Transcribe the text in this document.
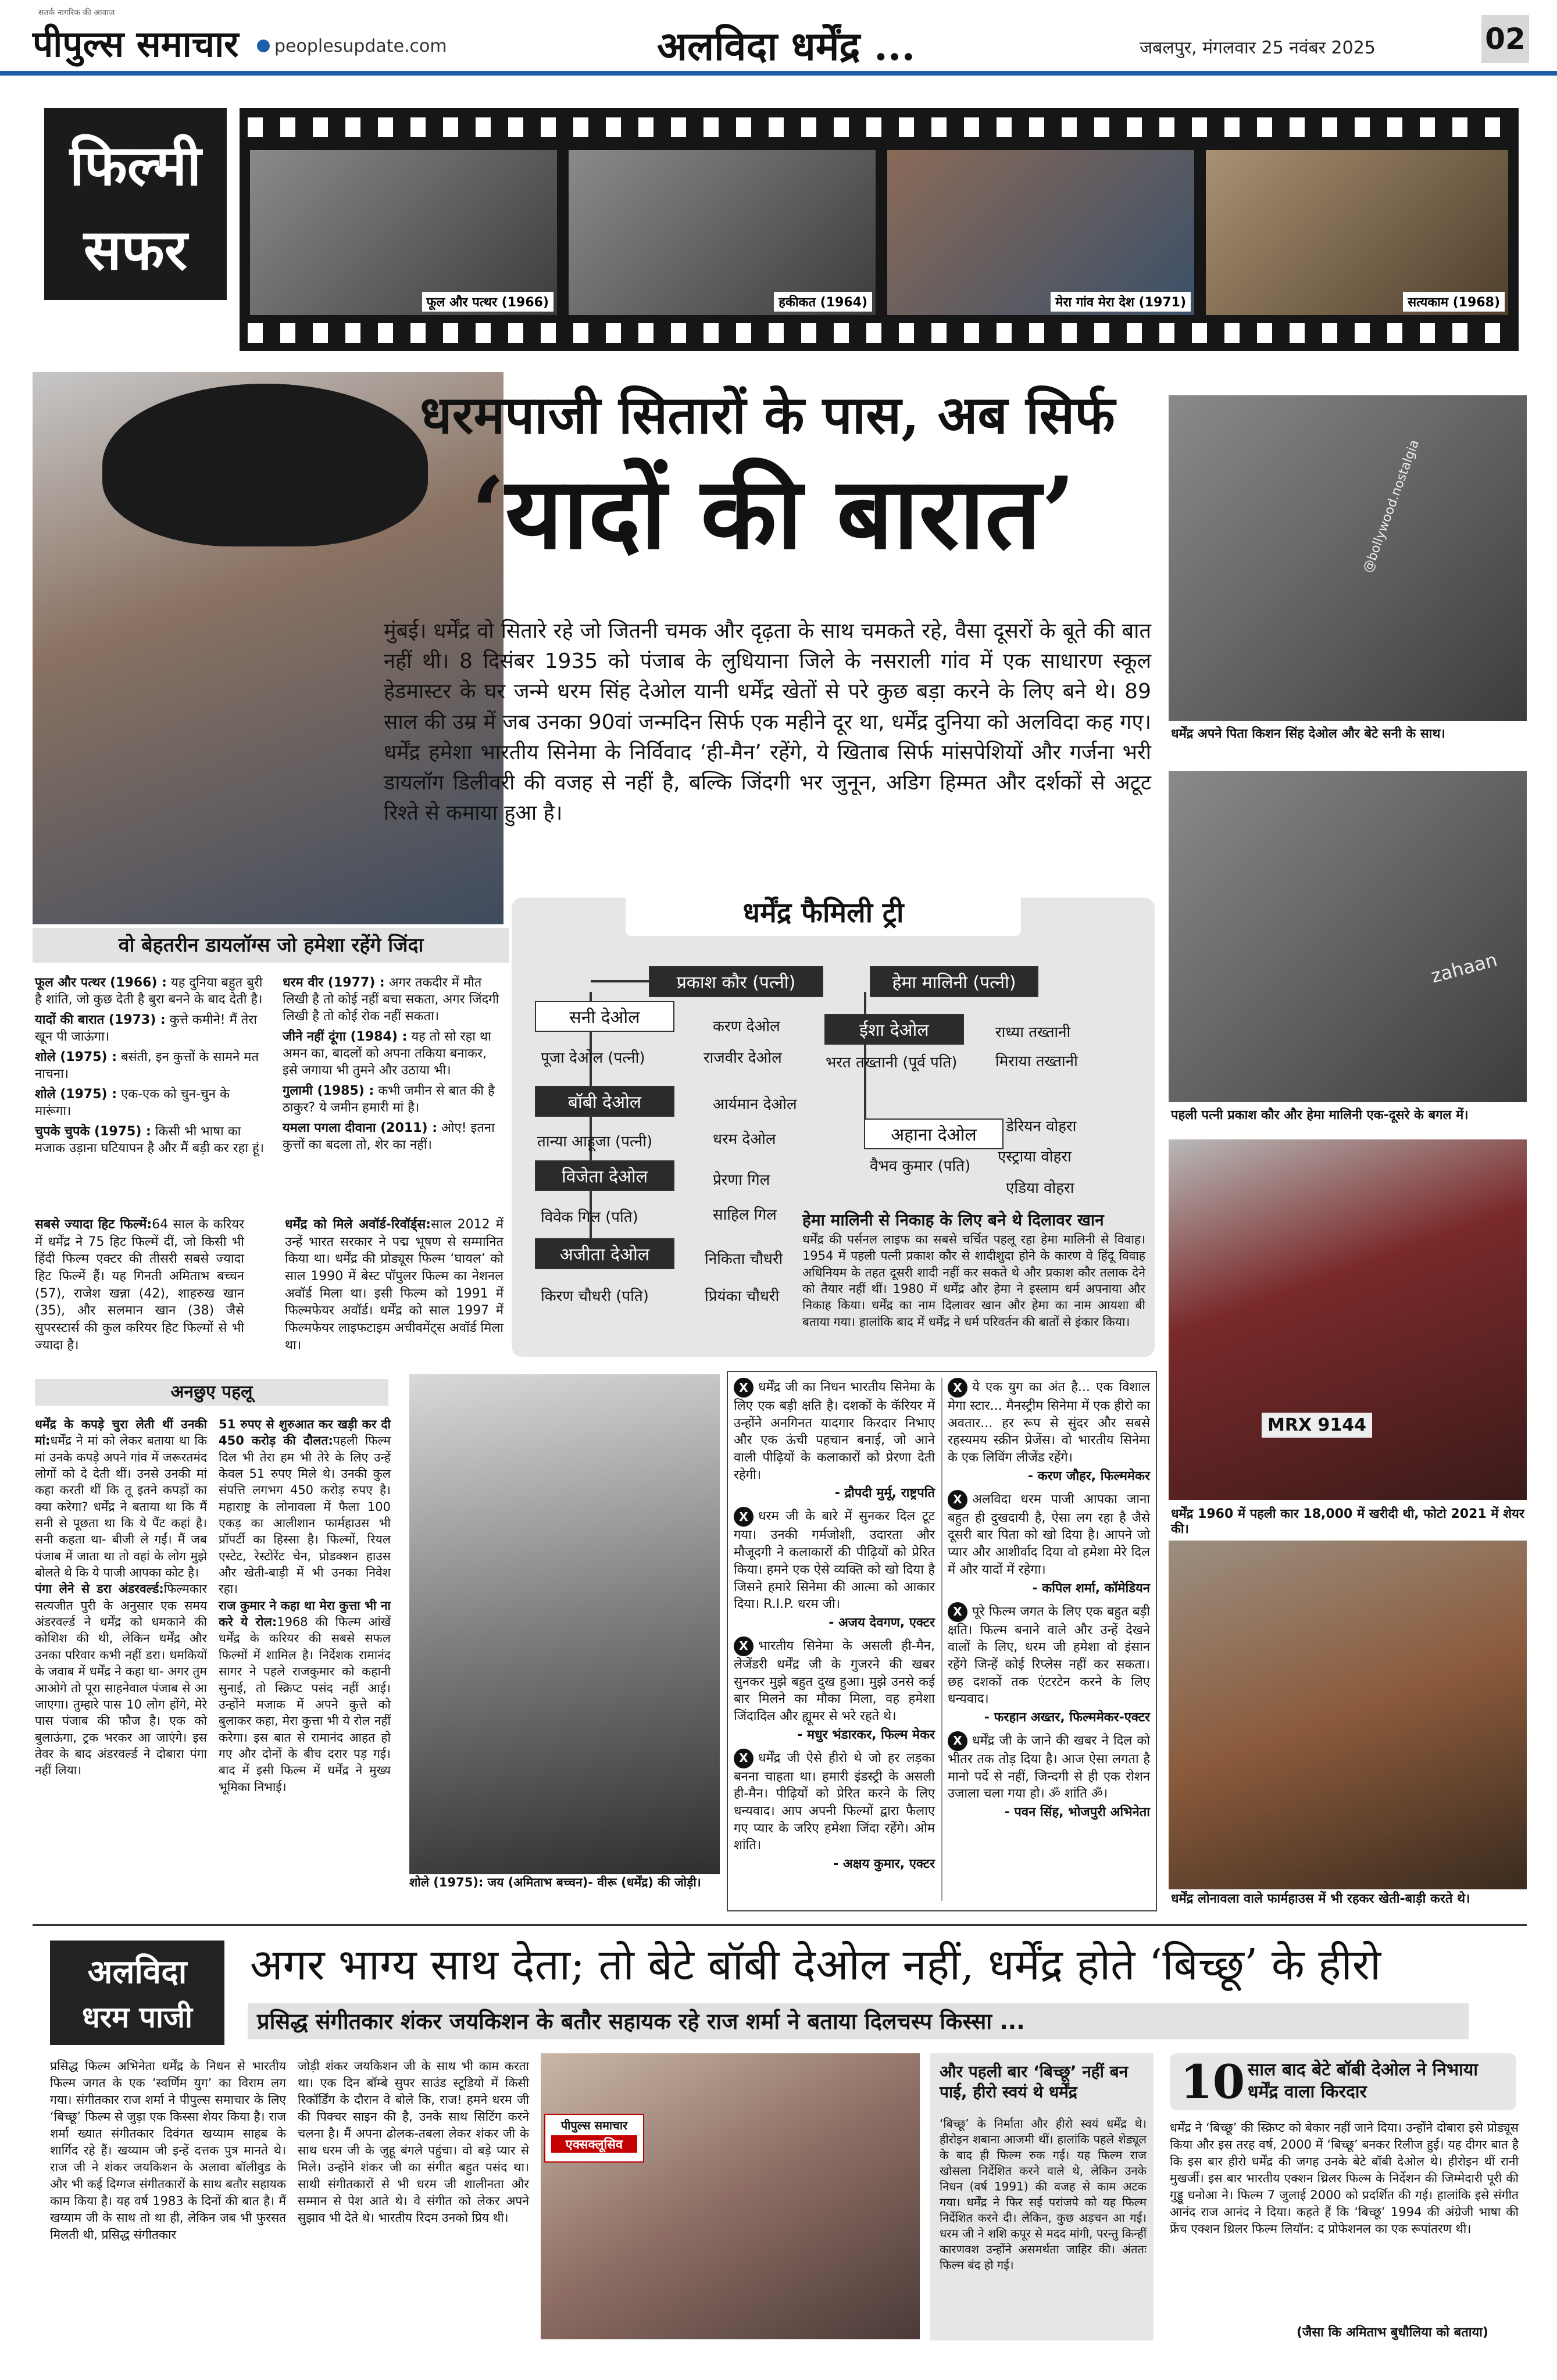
सतर्क नागरिक की आवाज
पीपुल्स समाचार peoplesupdate.com	अलविदा धर्मेंद्र ...	जबलपुर, मंगलवार 25 नवंबर 2025	02
फिल्मी
सफर
फूल और पत्थर (1966)	हकीकत (1964)	मेरा गांव मेरा देश (1971)	सत्यकाम (1968)
धरमपाजी सितारों के पास, अब सिर्फ
‘यादों की बारात’
मुंबई। धर्मेंद्र वो सितारे रहे जो जितनी चमक और दृढ़ता के साथ चमकते रहे, वैसा दूसरों के बूते की बात नहीं थी। 8 दिसंबर 1935 को पंजाब के लुधियाना जिले के नसराली गांव में एक साधारण स्कूल हेडमास्टर के घर जन्मे धरम सिंह देओल यानी धर्मेंद्र खेतों से परे कुछ बड़ा करने के लिए बने थे। 89 साल की उम्र में जब उनका 90वां जन्मदिन सिर्फ एक महीने दूर था, धर्मेंद्र दुनिया को अलविदा कह गए। धर्मेंद्र हमेशा भारतीय सिनेमा के निर्विवाद ‘ही-मैन’ रहेंगे, ये खिताब सिर्फ मांसपेशियों और गर्जना भरी डायलॉग डिलीवरी की वजह से नहीं है, बल्कि जिंदगी भर जुनून, अडिग हिम्मत और दर्शकों से अटूट रिश्ते से कमाया हुआ है।
@bollywood.nostalgia
धर्मेंद्र अपने पिता किशन सिंह देओल और बेटे सनी के साथ।
zahaan
पहली पत्नी प्रकाश कौर और हेमा मालिनी एक-दूसरे के बगल में।
MRX 9144
धर्मेंद्र 1960 में पहली कार 18,000 में खरीदी थी, फोटो 2021 में शेयर की।
धर्मेंद्र लोनावला वाले फार्महाउस में भी रहकर खेती-बाड़ी करते थे।
वो बेहतरीन डायलॉग्स जो हमेशा रहेंगे जिंदा
फूल और पत्थर (1966) : यह दुनिया बहुत बुरी है शांति, जो कुछ देती है बुरा बनने के बाद देती है।
यादों की बारात (1973) : कुत्ते कमीने! मैं तेरा खून पी जाऊंगा।
शोले (1975) : बसंती, इन कुत्तों के सामने मत नाचना।
शोले (1975) : एक-एक को चुन-चुन के मारूंगा।
चुपके चुपके (1975) : किसी भी भाषा का मजाक उड़ाना घटियापन है और मैं बड़ी कर रहा हूं।
धरम वीर (1977) : अगर तकदीर में मौत लिखी है तो कोई नहीं बचा सकता, अगर जिंदगी लिखी है तो कोई रोक नहीं सकता।
जीने नहीं दूंगा (1984) : यह तो सो रहा था अमन का, बादलों को अपना तकिया बनाकर, इसे जगाया भी तुमने और उठाया भी।
गुलामी (1985) : कभी जमीन से बात की है ठाकुर? ये जमीन हमारी मां है।
यमला पगला दीवाना (2011) : ओए! इतना कुत्तों का बदला तो, शेर का नहीं।
सबसे ज्यादा हिट फिल्में:64 साल के करियर में धर्मेंद्र ने 75 हिट फिल्में दीं, जो किसी भी हिंदी फिल्म एक्टर की तीसरी सबसे ज्यादा हिट फिल्में हैं। यह गिनती अमिताभ बच्चन (57), राजेश खन्ना (42), शाहरुख खान (35), और सलमान खान (38) जैसे सुपरस्टार्स की कुल करियर हिट फिल्मों से भी ज्यादा है।
धर्मेंद्र को मिले अवॉर्ड-रिवॉर्ड्स:साल 2012 में उन्हें भारत सरकार ने पद्म भूषण से सम्मानित किया था। धर्मेंद्र की प्रोड्यूस फिल्म ‘घायल’ को साल 1990 में बेस्ट पॉपुलर फिल्म का नेशनल अवॉर्ड मिला था। इसी फिल्म को 1991 में फिल्मफेयर अवॉर्ड। धर्मेंद्र को साल 1997 में फिल्मफेयर लाइफटाइम अचीवमेंट्स अवॉर्ड मिला था।
धर्मेंद्र फैमिली ट्री
प्रकाश कौर (पत्नी)	हेमा मालिनी (पत्नी)
सनी देओल
पूजा देओल (पत्नी)
करण देओल
राजवीर देओल
बॉबी देओल
तान्या आहूजा (पत्नी)
आर्यमान देओल
धरम देओल
विजेता देओल
विवेक गिल (पति)
प्रेरणा गिल
साहिल गिल
अजीता देओल
किरण चौधरी (पति)
निकिता चौधरी
प्रियंका चौधरी
ईशा देओल
भरत तख्तानी (पूर्व पति)
राध्या तख्तानी
मिराया तख्तानी
अहाना देओल
वैभव कुमार (पति)
डेरियन वोहरा
एस्ट्राया वोहरा
एडिया वोहरा
हेमा मालिनी से निकाह के लिए बने थे दिलावर खान
धर्मेंद्र की पर्सनल लाइफ का सबसे चर्चित पहलू रहा हेमा मालिनी से विवाह। 1954 में पहली पत्नी प्रकाश कौर से शादीशुदा होने के कारण वे हिंदू विवाह अधिनियम के तहत दूसरी शादी नहीं कर सकते थे और प्रकाश कौर तलाक देने को तैयार नहीं थीं। 1980 में धर्मेंद्र और हेमा ने इस्लाम धर्म अपनाया और निकाह किया। धर्मेंद्र का नाम दिलावर खान और हेमा का नाम आयशा बी बताया गया। हालांकि बाद में धर्मेंद्र ने धर्म परिवर्तन की बातों से इंकार किया।
अनछुए पहलू
धर्मेंद्र के कपड़े चुरा लेती थीं उनकी मां:धर्मेंद्र ने मां को लेकर बताया था कि मां उनके कपड़े अपने गांव में जरूरतमंद लोगों को दे देती थीं। उनसे उनकी मां कहा करती थीं कि तू इतने कपड़ों का क्या करेगा? धर्मेंद्र ने बताया था कि मैं सनी से पूछता था कि ये पैंट कहां है। सनी कहता था- बीजी ले गईं। मैं जब पंजाब में जाता था तो वहां के लोग मुझे बोलते थे कि ये पाजी आपका कोट है।
पंगा लेने से डरा अंडरवर्ल्ड:फिल्मकार सत्यजीत पुरी के अनुसार एक समय अंडरवर्ल्ड ने धर्मेंद्र को धमकाने की कोशिश की थी, लेकिन धर्मेंद्र और उनका परिवार कभी नहीं डरा। धमकियों के जवाब में धर्मेंद्र ने कहा था- अगर तुम आओगे तो पूरा साहनेवाल पंजाब से आ जाएगा। तुम्हारे पास 10 लोग होंगे, मेरे पास पंजाब की फौज है। एक को बुलाऊंगा, ट्रक भरकर आ जाएंगे। इस तेवर के बाद अंडरवर्ल्ड ने दोबारा पंगा नहीं लिया।
51 रुपए से शुरुआत कर खड़ी कर दी 450 करोड़ की दौलत:पहली फिल्म दिल भी तेरा हम भी तेरे के लिए उन्हें केवल 51 रुपए मिले थे। उनकी कुल संपत्ति लगभग 450 करोड़ रुपए है। महाराष्ट्र के लोनावला में फैला 100 एकड़ का आलीशान फार्महाउस भी प्रॉपर्टी का हिस्सा है। फिल्मों, रियल एस्टेट, रेस्टोरेंट चेन, प्रोडक्शन हाउस और खेती-बाड़ी में भी उनका निवेश रहा।
राज कुमार ने कहा था मेरा कुत्ता भी ना करे ये रोल:1968 की फिल्म आंखें धर्मेंद्र के करियर की सबसे सफल फिल्मों में शामिल है। निर्देशक रामानंद सागर ने पहले राजकुमार को कहानी सुनाई, तो स्क्रिप्ट पसंद नहीं आई। उन्होंने मजाक में अपने कुत्ते को बुलाकर कहा, मेरा कुत्ता भी ये रोल नहीं करेगा। इस बात से रामानंद आहत हो गए और दोनों के बीच दरार पड़ गई। बाद में इसी फिल्म में धर्मेंद्र ने मुख्य भूमिका निभाई।
शोले (1975): जय (अमिताभ बच्चन)- वीरू (धर्मेंद्र) की जोड़ी।
X धर्मेंद्र जी का निधन भारतीय सिनेमा के लिए एक बड़ी क्षति है। दशकों के कॅरियर में उन्होंने अनगिनत यादगार किरदार निभाए और एक ऊंची पहचान बनाई, जो आने वाली पीढ़ियों के कलाकारों को प्रेरणा देती रहेगी।
- द्रौपदी मुर्मू, राष्ट्रपति
X धरम जी के बारे में सुनकर दिल टूट गया। उनकी गर्मजोशी, उदारता और मौजूदगी ने कलाकारों की पीढ़ियों को प्रेरित किया। हमने एक ऐसे व्यक्ति को खो दिया है जिसने हमारे सिनेमा की आत्मा को आकार दिया। R.I.P. धरम जी।
- अजय देवगण, एक्टर
X भारतीय सिनेमा के असली ही-मैन, लेजेंडरी धर्मेंद्र जी के गुजरने की खबर सुनकर मुझे बहुत दुख हुआ। मुझे उनसे कई बार मिलने का मौका मिला, वह हमेशा जिंदादिल और ह्यूमर से भरे रहते थे।
- मधुर भंडारकर, फिल्म मेकर
X धर्मेंद्र जी ऐसे हीरो थे जो हर लड़का बनना चाहता था। हमारी इंडस्ट्री के असली ही-मैन। पीढ़ियों को प्रेरित करने के लिए धन्यवाद। आप अपनी फिल्मों द्वारा फैलाए गए प्यार के जरिए हमेशा जिंदा रहेंगे। ओम शांति।
- अक्षय कुमार, एक्टर
X ये एक युग का अंत है... एक विशाल मेगा स्टार... मैनस्ट्रीम सिनेमा में एक हीरो का अवतार... हर रूप से सुंदर और सबसे रहस्यमय स्क्रीन प्रेजेंस। वो भारतीय सिनेमा के एक लिविंग लीजेंड रहेंगे।
- करण जौहर, फिल्ममेकर
X अलविदा धरम पाजी आपका जाना बहुत ही दुखदायी है, ऐसा लग रहा है जैसे दूसरी बार पिता को खो दिया है। आपने जो प्यार और आशीर्वाद दिया वो हमेशा मेरे दिल में और यादों में रहेगा।
- कपिल शर्मा, कॉमेडियन
X पूरे फिल्म जगत के लिए एक बहुत बड़ी क्षति। फिल्म बनाने वाले और उन्हें देखने वालों के लिए, धरम जी हमेशा वो इंसान रहेंगे जिन्हें कोई रिप्लेस नहीं कर सकता। छह दशकों तक एंटरटेन करने के लिए धन्यवाद।
- फरहान अख्तर, फिल्ममेकर-एक्टर
X धर्मेंद्र जी के जाने की खबर ने दिल को भीतर तक तोड़ दिया है। आज ऐसा लगता है मानो पर्दे से नहीं, जिन्दगी से ही एक रोशन उजाला चला गया हो। ॐ शांति ॐ।
- पवन सिंह, भोजपुरी अभिनेता
अलविदा
धरम पाजी
अगर भाग्य साथ देता; तो बेटे बॉबी देओल नहीं, धर्मेंद्र होते ‘बिच्छू’ के हीरो
प्रसिद्ध संगीतकार शंकर जयकिशन के बतौर सहायक रहे राज शर्मा ने बताया दिलचस्प किस्सा ...
प्रसिद्ध फिल्म अभिनेता धर्मेंद्र के निधन से भारतीय फिल्म जगत के एक ‘स्वर्णिम युग’ का विराम लग गया। संगीतकार राज शर्मा ने पीपुल्स समाचार के लिए ‘बिच्छू’ फिल्म से जुड़ा एक किस्सा शेयर किया है। राज शर्मा ख्यात संगीतकार दिवंगत खय्याम साहब के शार्गिद रहे हैं। खय्याम जी इन्हें दत्तक पुत्र मानते थे। राज जी ने शंकर जयकिशन के अलावा बॉलीवुड के और भी कई दिग्गज संगीतकारों के साथ बतौर सहायक काम किया है। यह वर्ष 1983 के दिनों की बात है। मैं खय्याम जी के साथ तो था ही, लेकिन जब भी फुरसत मिलती थी, प्रसिद्ध संगीतकार
जोड़ी शंकर जयकिशन जी के साथ भी काम करता था। एक दिन बॉम्बे सुपर साउंड स्टूडियो में किसी रिकॉर्डिंग के दौरान वे बोले कि, राज! हमने धरम जी की पिक्चर साइन की है, उनके साथ सिटिंग करने चलना है। मैं अपना ढोलक-तबला लेकर शंकर जी के साथ धरम जी के जुहू बंगले पहुंचा। वो बड़े प्यार से मिले। उन्होंने शंकर जी का संगीत बहुत पसंद था। साथी संगीतकारों से भी धरम जी शालीनता और सम्मान से पेश आते थे। वे संगीत को लेकर अपने सुझाव भी देते थे। भारतीय रिदम उनको प्रिय थी।
पीपुल्स समाचार
एक्सक्लूसिव
और पहली बार ‘बिच्छू’ नहीं बन पाई, हीरो स्वयं थे धर्मेंद्र
‘बिच्छू’ के निर्माता और हीरो स्वयं धर्मेंद्र थे। हीरोइन शबाना आजमी थीं। हालांकि पहले शेड्यूल के बाद ही फिल्म रुक गई। यह फिल्म राज खोसला निर्देशित करने वाले थे, लेकिन उनके निधन (वर्ष 1991) की वजह से काम अटक गया। धर्मेंद्र ने फिर सई परांजपे को यह फिल्म निर्देशित करने दी। लेकिन, कुछ अड़चन आ गई। धरम जी ने शशि कपूर से मदद मांगी, परन्तु किन्हीं कारणवश उन्होंने असमर्थता जाहिर की। अंततः फिल्म बंद हो गई।
10 साल बाद बेटे बॉबी देओल ने निभाया धर्मेंद्र वाला किरदार
धर्मेंद्र ने ‘बिच्छू’ की स्क्रिप्ट को बेकार नहीं जाने दिया। उन्होंने दोबारा इसे प्रोड्यूस किया और इस तरह वर्ष, 2000 में ‘बिच्छू’ बनकर रिलीज हुई। यह दीगर बात है कि इस बार हीरो धर्मेंद्र की जगह उनके बेटे बॉबी देओल थे। हीरोइन थीं रानी मुखर्जी। इस बार भारतीय एक्शन थ्रिलर फिल्म के निर्देशन की जिम्मेदारी पूरी की गुड्डू धनोआ ने। फिल्म 7 जुलाई 2000 को प्रदर्शित की गई। हालांकि इसे संगीत आनंद राज आनंद ने दिया। कहते हैं कि ‘बिच्छू’ 1994 की अंग्रेजी भाषा की फ्रेंच एक्शन थ्रिलर फिल्म लियॉन: द प्रोफेशनल का एक रूपांतरण थी।
(जैसा कि अमिताभ बुधौलिया को बताया)
